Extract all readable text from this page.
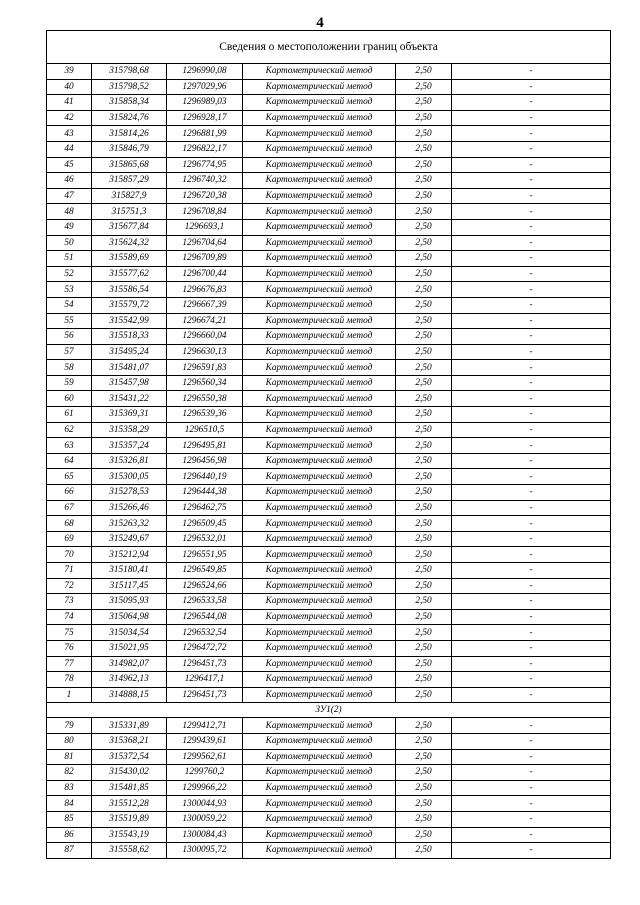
4
Сведения о местоположении границ объекта					
39	315798,68	1296990,08	Картометрический метод	2,50	-
40	315798,52	1297029,96	Картометрический метод	2,50	-
41	315858,34	1296989,03	Картометрический метод	2,50	-
42	315824,76	1296928,17	Картометрический метод	2,50	-
43	315814,26	1296881,99	Картометрический метод	2,50	-
44	315846,79	1296822,17	Картометрический метод	2,50	-
45	315865,68	1296774,95	Картометрический метод	2,50	-
46	315857,29	1296740,32	Картометрический метод	2,50	-
47	315827,9	1296720,38	Картометрический метод	2,50	-
48	315751,3	1296708,84	Картометрический метод	2,50	-
49	315677,84	1296693,1	Картометрический метод	2,50	-
50	315624,32	1296704,64	Картометрический метод	2,50	-
51	315589,69	1296709,89	Картометрический метод	2,50	-
52	315577,62	1296700,44	Картометрический метод	2,50	-
53	315586,54	1296676,83	Картометрический метод	2,50	-
54	315579,72	1296667,39	Картометрический метод	2,50	-
55	315542,99	1296674,21	Картометрический метод	2,50	-
56	315518,33	1296660,04	Картометрический метод	2,50	-
57	315495,24	1296630,13	Картометрический метод	2,50	-
58	315481,07	1296591,83	Картометрический метод	2,50	-
59	315457,98	1296560,34	Картометрический метод	2,50	-
60	315431,22	1296550,38	Картометрический метод	2,50	-
61	315369,31	1296539,36	Картометрический метод	2,50	-
62	315358,29	1296510,5	Картометрический метод	2,50	-
63	315357,24	1296495,81	Картометрический метод	2,50	-
64	315326,81	1296456,98	Картометрический метод	2,50	-
65	315300,05	1296440,19	Картометрический метод	2,50	-
66	315278,53	1296444,38	Картометрический метод	2,50	-
67	315266,46	1296462,75	Картометрический метод	2,50	-
68	315263,32	1296509,45	Картометрический метод	2,50	-
69	315249,67	1296532,01	Картометрический метод	2,50	-
70	315212,94	1296551,95	Картометрический метод	2,50	-
71	315180,41	1296549,85	Картометрический метод	2,50	-
72	315117,45	1296524,66	Картометрический метод	2,50	-
73	315095,93	1296533,58	Картометрический метод	2,50	-
74	315064,98	1296544,08	Картометрический метод	2,50	-
75	315034,54	1296532,54	Картометрический метод	2,50	-
76	315021,95	1296472,72	Картометрический метод	2,50	-
77	314982,07	1296451,73	Картометрический метод	2,50	-
78	314962,13	1296417,1	Картометрический метод	2,50	-
1	314888,15	1296451,73	Картометрический метод	2,50	-
ЗУ1(2)					
79	315331,89	1299412,71	Картометрический метод	2,50	-
80	315368,21	1299439,61	Картометрический метод	2,50	-
81	315372,54	1299562,61	Картометрический метод	2,50	-
82	315430,02	1299760,2	Картометрический метод	2,50	-
83	315481,85	1299966,22	Картометрический метод	2,50	-
84	315512,28	1300044,93	Картометрический метод	2,50	-
85	315519,89	1300059,22	Картометрический метод	2,50	-
86	315543,19	1300084,43	Картометрический метод	2,50	-
87	315558,62	1300095,72	Картометрический метод	2,50	-
